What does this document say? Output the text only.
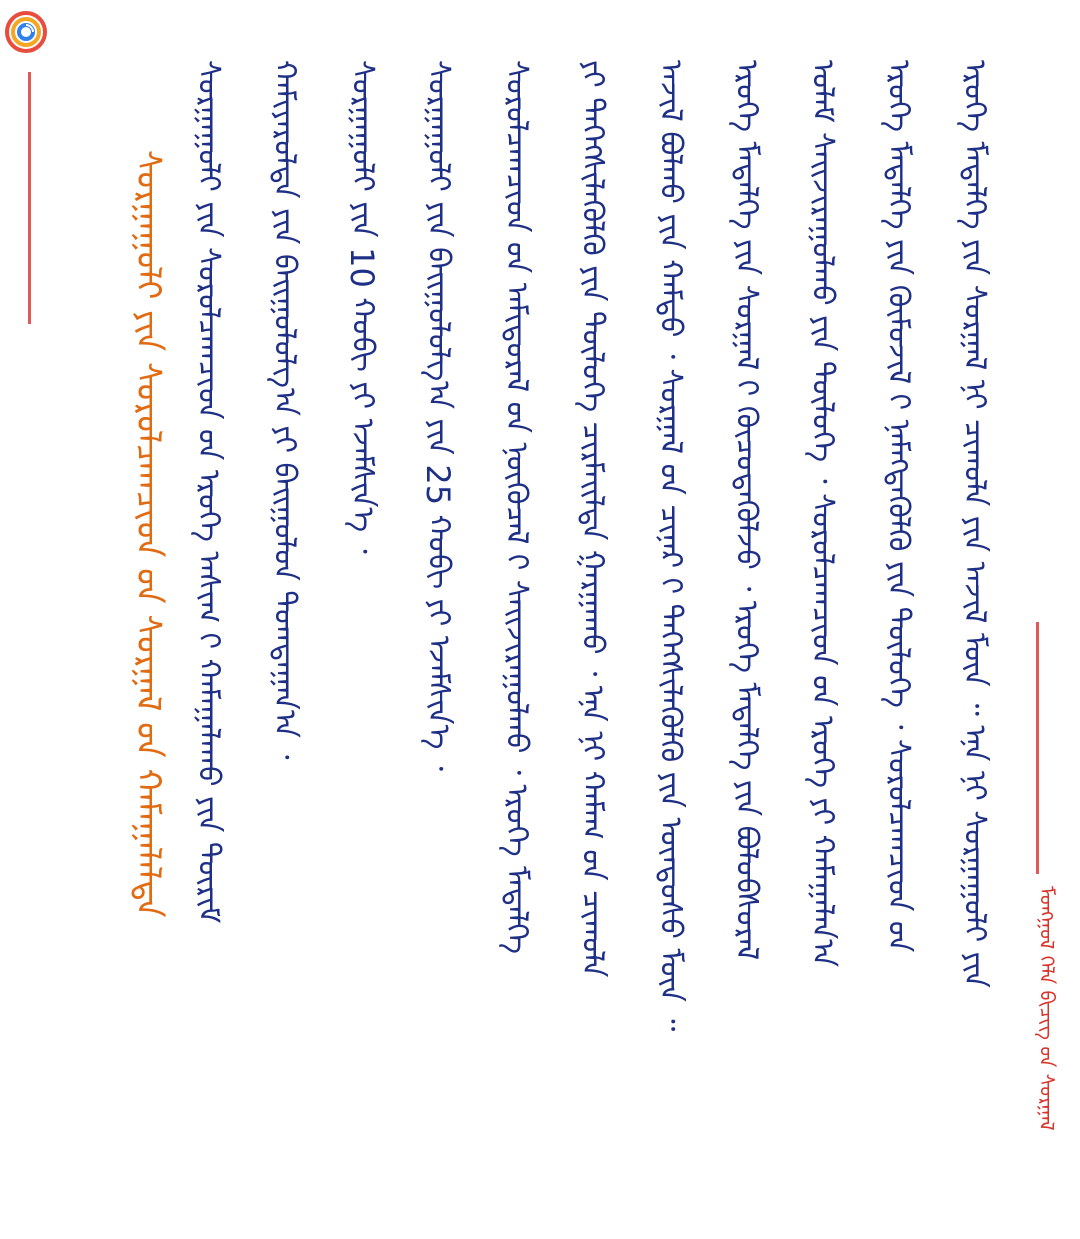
ᠰᠤᠷᠭᠠᠭᠤᠯᠢ ᠶᠢᠨ ᠰᠤᠷᠤᠯᠴᠠᠭᠴᠢᠳ ᠤ᠋ᠨ ᠰᠤᠷᠭᠠᠯ ᠤ᠋ᠨ ᠬᠠᠮᠠᠭᠠᠯᠠᠯᠲᠠ ᠰᠤᠷᠭᠠᠭᠤᠯᠢ ᠶᠢᠨ ᠰᠤᠷᠤᠯᠴᠠᠭᠴᠢᠳ ᠤ᠋ᠨ ᠡᠷᠦᠬᠡ ᠠᠰᠢᠭ᠋ ᠢ᠋ ᠬᠠᠮᠠᠭᠠᠯᠠᠬᠤ ᠶᠢᠨ ᠳᠦᠷᠢᠮ	ᠬᠠᠮᠢᠶᠠᠷᠤᠯᠲᠠ ᠶᠢᠨ ᠪᠠᠢᠭᠤᠯᠤᠯᠭ᠎ᠠ ᠶᠢ ᠪᠠᠢᠭᠤᠯᠤᠨ ᠲᠣᠭᠲᠠᠭᠠᠨ᠎ᠠ ᠂	ᠰᠤᠷᠭᠠᠭᠤᠯᠢ ᠶᠢᠨ 10 ᠬᠤᠪᠢ ᠶᠢ ᠡᠵᠡᠮᠰᠢᠨ᠎ᠡ ᠂	ᠰᠤᠷᠭᠠᠭᠤᠯᠢ ᠶᠢᠨ ᠪᠠᠢᠭᠤᠯᠤᠯᠭ᠎ᠠ ᠶᠢᠨ 25 ᠬᠤᠪᠢ ᠶᠢ ᠡᠵᠡᠮᠰᠢᠨ᠎ᠡ ᠂	ᠰᠤᠷᠤᠯᠴᠠᠭᠴᠢᠳ ᠤ᠋ᠨ ᠠᠮᠢᠳᠤᠷᠠᠯ ᠤ᠋ᠨ ᠨᠥᠬᠥᠴᠡᠯ ᠢ᠋ ᠰᠠᠢᠵᠢᠷᠠᠭᠤᠯᠬᠤ ᠂ ᠡᠷᠦᠬᠡ ᠮᠡᠳᠡᠯᠭᠡ	ᠶᠢ ᠳᠡᠭᠡᠭᠰᠢᠯᠡᠭᠦᠯᠬᠦ ᠶᠢᠨ ᠲᠥᠯᠥᠭᠡ ᠴᠢᠷᠮᠠᠢᠯᠲᠠ ᠭᠠᠷᠭᠠᠬᠤ ᠂ ᠡᠨᠡ ᠨᠢ ᠬᠠᠮᠠᠭ ᠤ᠋ᠨ ᠴᠢᠬᠤᠯᠠ	ᠠᠵᠢᠯ ᠪᠣᠯᠬᠤ ᠶᠢᠨ ᠬᠠᠮᠲᠤ ᠂ ᠰᠤᠷᠭᠠᠯ ᠤ᠋ᠨ ᠴᠢᠨᠠᠷ ᠢ᠋ ᠳᠡᠭᠡᠭᠰᠢᠯᠡᠭᠦᠯᠬᠦ ᠶᠢᠨ ᠦᠨᠳᠦᠰᠦ ᠮᠥᠨ ᠃	ᠡᠷᠦᠬᠡ ᠮᠡᠳᠡᠯᠭᠡ ᠶᠢᠨ ᠰᠤᠷᠭᠠᠯ ᠢ᠋ ᠬᠦᠴᠦᠳᠡᠭᠦᠯᠵᠦ ᠂ ᠡᠷᠦᠬᠡ ᠮᠡᠳᠡᠯᠭᠡ ᠶᠢᠨ ᠪᠣᠯᠤᠪᠰᠤᠷᠠᠯ	ᠤᠯᠠᠮ ᠰᠠᠢᠵᠢᠷᠠᠭᠤᠯᠬᠤ ᠶᠢᠨ ᠲᠥᠯᠥᠭᠡ ᠂ ᠰᠤᠷᠤᠯᠴᠠᠭᠴᠢᠳ ᠤ᠋ᠨ ᠡᠷᠦᠬᠡ ᠶᠢ ᠬᠠᠮᠠᠭᠠᠯᠠᠨ᠎ᠠ	ᠡᠷᠦᠬᠡ ᠮᠡᠳᠡᠯᠭᠡ ᠶᠢᠨ ᠬᠦᠮᠦᠵᠢᠯ ᠢ᠋ ᠨᠡᠮᠡᠭᠳᠡᠭᠦᠯᠬᠦ ᠶᠢᠨ ᠲᠥᠯᠥᠭᠡ ᠂ ᠰᠤᠷᠤᠯᠴᠠᠭᠴᠢᠳ ᠤ᠋ᠨ	ᠡᠷᠦᠬᠡ ᠮᠡᠳᠡᠯᠭᠡ ᠶᠢᠨ ᠰᠤᠷᠭᠠᠯ ᠨᠢ ᠴᠢᠬᠤᠯᠠ ᠶᠢᠨ ᠠᠵᠢᠯ ᠮᠥᠨ ᠃ ᠡᠨᠡ ᠨᠢ ᠰᠤᠷᠭᠠᠭᠤᠯᠢ ᠶᠢᠨ
ᠮᠣᠩᠭᠣᠯ ᠬᠡᠯᠡ ᠪᠢᠴᠢᠭ᠌ ᠤ᠋ᠨ ᠰᠤᠷᠭᠠᠯ
